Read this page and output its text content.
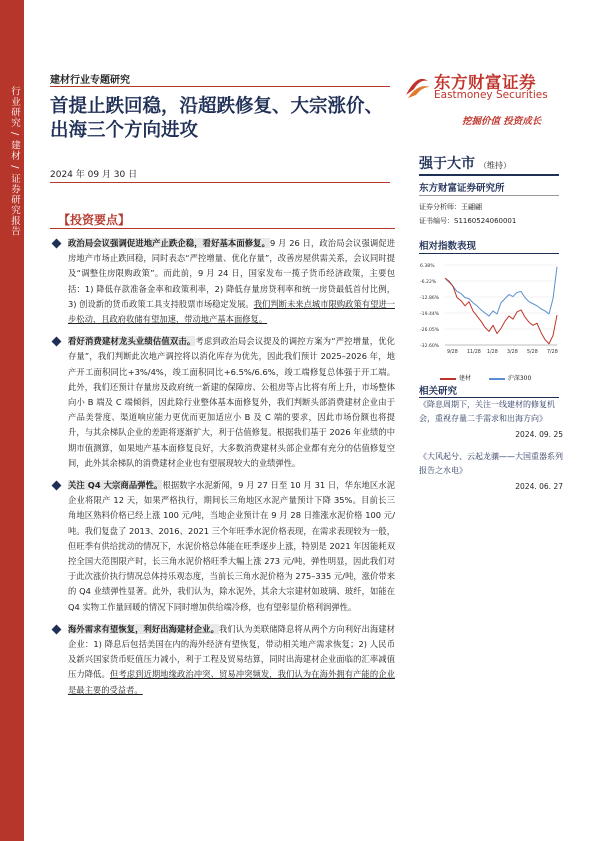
行业研究 / 建材 / 证券研究报告
建材行业专题研究	东方财富证券
Eastmoney Securities
挖掘价值 投资成长
首提止跌回稳，沿超跌修复、大宗涨价、出海三个方向进攻
2024 年 09 月 30 日
强于大市 （维持）
东方财富证券研究所
证券分析师：王翩翩
证书编号：S1160524060001
相对指数表现
6.38%
-6.22%
-12.86%
-19.44%
-26.05%
-32.60%
9/28 11/28 1/28 3/28 5/28 7/28
建材	沪深300
相关研究
《降息周期下，关注一线建材的修复机会，重视存量二手需求和出海方向》
2024. 09. 25
《大风起兮、云起龙骧——大国重器系列报告之水电》
2024. 06. 27
【投资要点】
政治局会议强调促进地产止跌企稳，看好基本面修复。9 月 26 日，政治局会议强调促进房地产市场止跌回稳，同时表态“严控增量、优化存量”，改善房屋供需关系，会议同时提及“调整住房限购政策”。而此前，9 月 24 日，国家发布一揽子货币经济政策，主要包括：1) 降低存款准备金率和政策利率，2) 降低存量房贷利率和统一房贷最低首付比例，3) 创设新的货币政策工具支持股票市场稳定发展。我们判断未来点城市限购政策有望进一步松动，且政府收储有望加速，带动地产基本面修复。
看好消费建材龙头业绩估值双击。考虑到政治局会议提及的调控方案为“严控增量，优化存量”，我们判断此次地产调控将以消化库存为优先，因此我们预计 2025–2026 年，地产开工面积同比+3%/4%，竣工面积同比+6.5%/6.6%，竣工端修复总体强于开工端。此外，我们还预计存量房及政府统一新建的保障房、公租房等占比将有所上升，市场整体向小 B 端及 C 端倾斜，因此除行业整体基本面修复外，我们判断头部消费建材企业由于产品美誉度、渠道响应能力更优而更加适应小 B 及 C 端的要求，因此市场份额也将提升，与其余梯队企业的差距将逐渐扩大，利于估值修复。根据我们基于 2026 年业绩的中期市值测算，如果地产基本面修复良好，大多数消费建材头部企业都有充分的估值修复空间，此外其余梯队的消费建材企业也有望展现较大的业绩弹性。
关注 Q4 大宗商品弹性。根据数字水泥新闻，9 月 27 日至 10 月 31 日，华东地区水泥企业将限产 12 天，如果严格执行，期间长三角地区水泥产量预计下降 35%。目前长三角地区熟料价格已经上涨 100 元/吨，当地企业预计在 9 月 28 日推涨水泥价格 100 元/吨。我们复盘了 2013、2016、2021 三个年旺季水泥价格表现，在需求表现较为一般，但旺季有供给扰动的情况下，水泥价格总体能在旺季逐步上涨，特别是 2021 年因能耗双控全国大范围限产时，长三角水泥价格旺季大幅上涨 273 元/吨，弹性明显，因此我们对于此次涨价执行情况总体持乐观态度，当前长三角水泥价格为 275–335 元/吨，涨价带来的 Q4 业绩弹性显著。此外，我们认为，除水泥外，其余大宗建材如玻璃、玻纤，如能在 Q4 实物工作量回暖的情况下同时增加供给端冷修，也有望彰显价格利润弹性。
海外需求有望恢复，利好出海建材企业。我们认为美联储降息将从两个方向利好出海建材企业：1) 降息后包括美国在内的海外经济有望恢复，带动相关地产需求恢复；2) 人民币及新兴国家货币贬值压力减小，利于工程及贸易结算，同时出海建材企业面临的汇率减值压力降低。但考虑到近期地缘政治冲突、贸易冲突频发，我们认为在海外拥有产能的企业是最主要的受益者。
